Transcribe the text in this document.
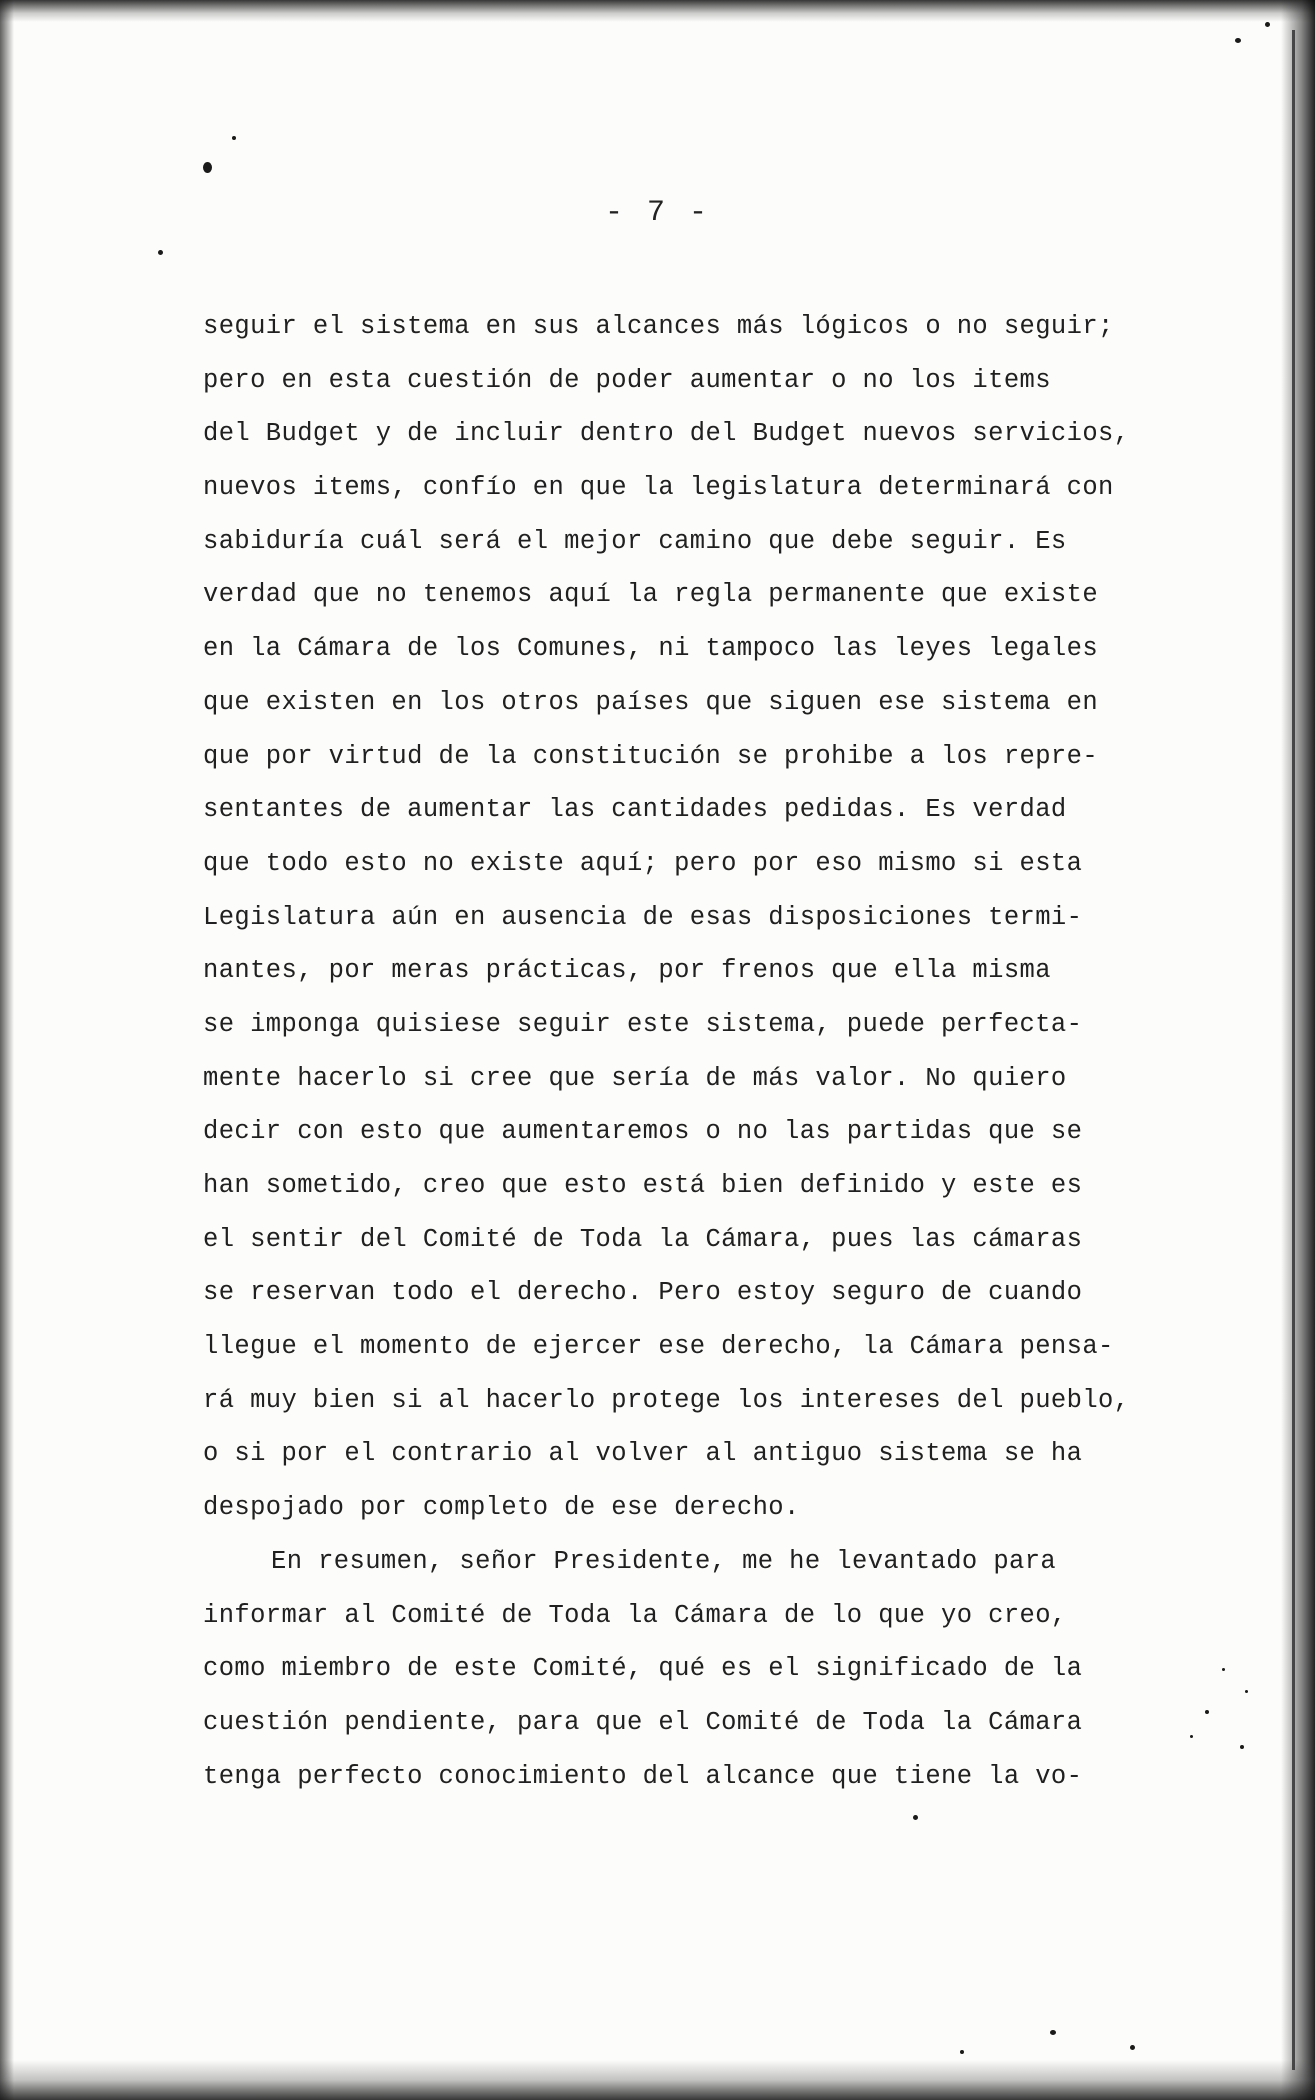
- 7 -
seguir el sistema en sus alcances más lógicos o no seguir;
pero en esta cuestión de poder aumentar o no los items
del Budget y de incluir dentro del Budget nuevos servicios,
nuevos items, confío en que la legislatura determinará con
sabiduría cuál será el mejor camino que debe seguir. Es
verdad que no tenemos aquí la regla permanente que existe
en la Cámara de los Comunes, ni tampoco las leyes legales
que existen en los otros países que siguen ese sistema en
que por virtud de la constitución se prohibe a los repre-
sentantes de aumentar las cantidades pedidas. Es verdad
que todo esto no existe aquí; pero por eso mismo si esta
Legislatura aún en ausencia de esas disposiciones termi-
nantes, por meras prácticas, por frenos que ella misma
se imponga quisiese seguir este sistema, puede perfecta-
mente hacerlo si cree que sería de más valor. No quiero
decir con esto que aumentaremos o no las partidas que se
han sometido, creo que esto está bien definido y este es
el sentir del Comité de Toda la Cámara, pues las cámaras
se reservan todo el derecho. Pero estoy seguro de cuando
llegue el momento de ejercer ese derecho, la Cámara pensa-
rá muy bien si al hacerlo protege los intereses del pueblo,
o si por el contrario al volver al antiguo sistema se ha
despojado por completo de ese derecho.
En resumen, señor Presidente, me he levantado para
informar al Comité de Toda la Cámara de lo que yo creo,
como miembro de este Comité, qué es el significado de la
cuestión pendiente, para que el Comité de Toda la Cámara
tenga perfecto conocimiento del alcance que tiene la vo-
